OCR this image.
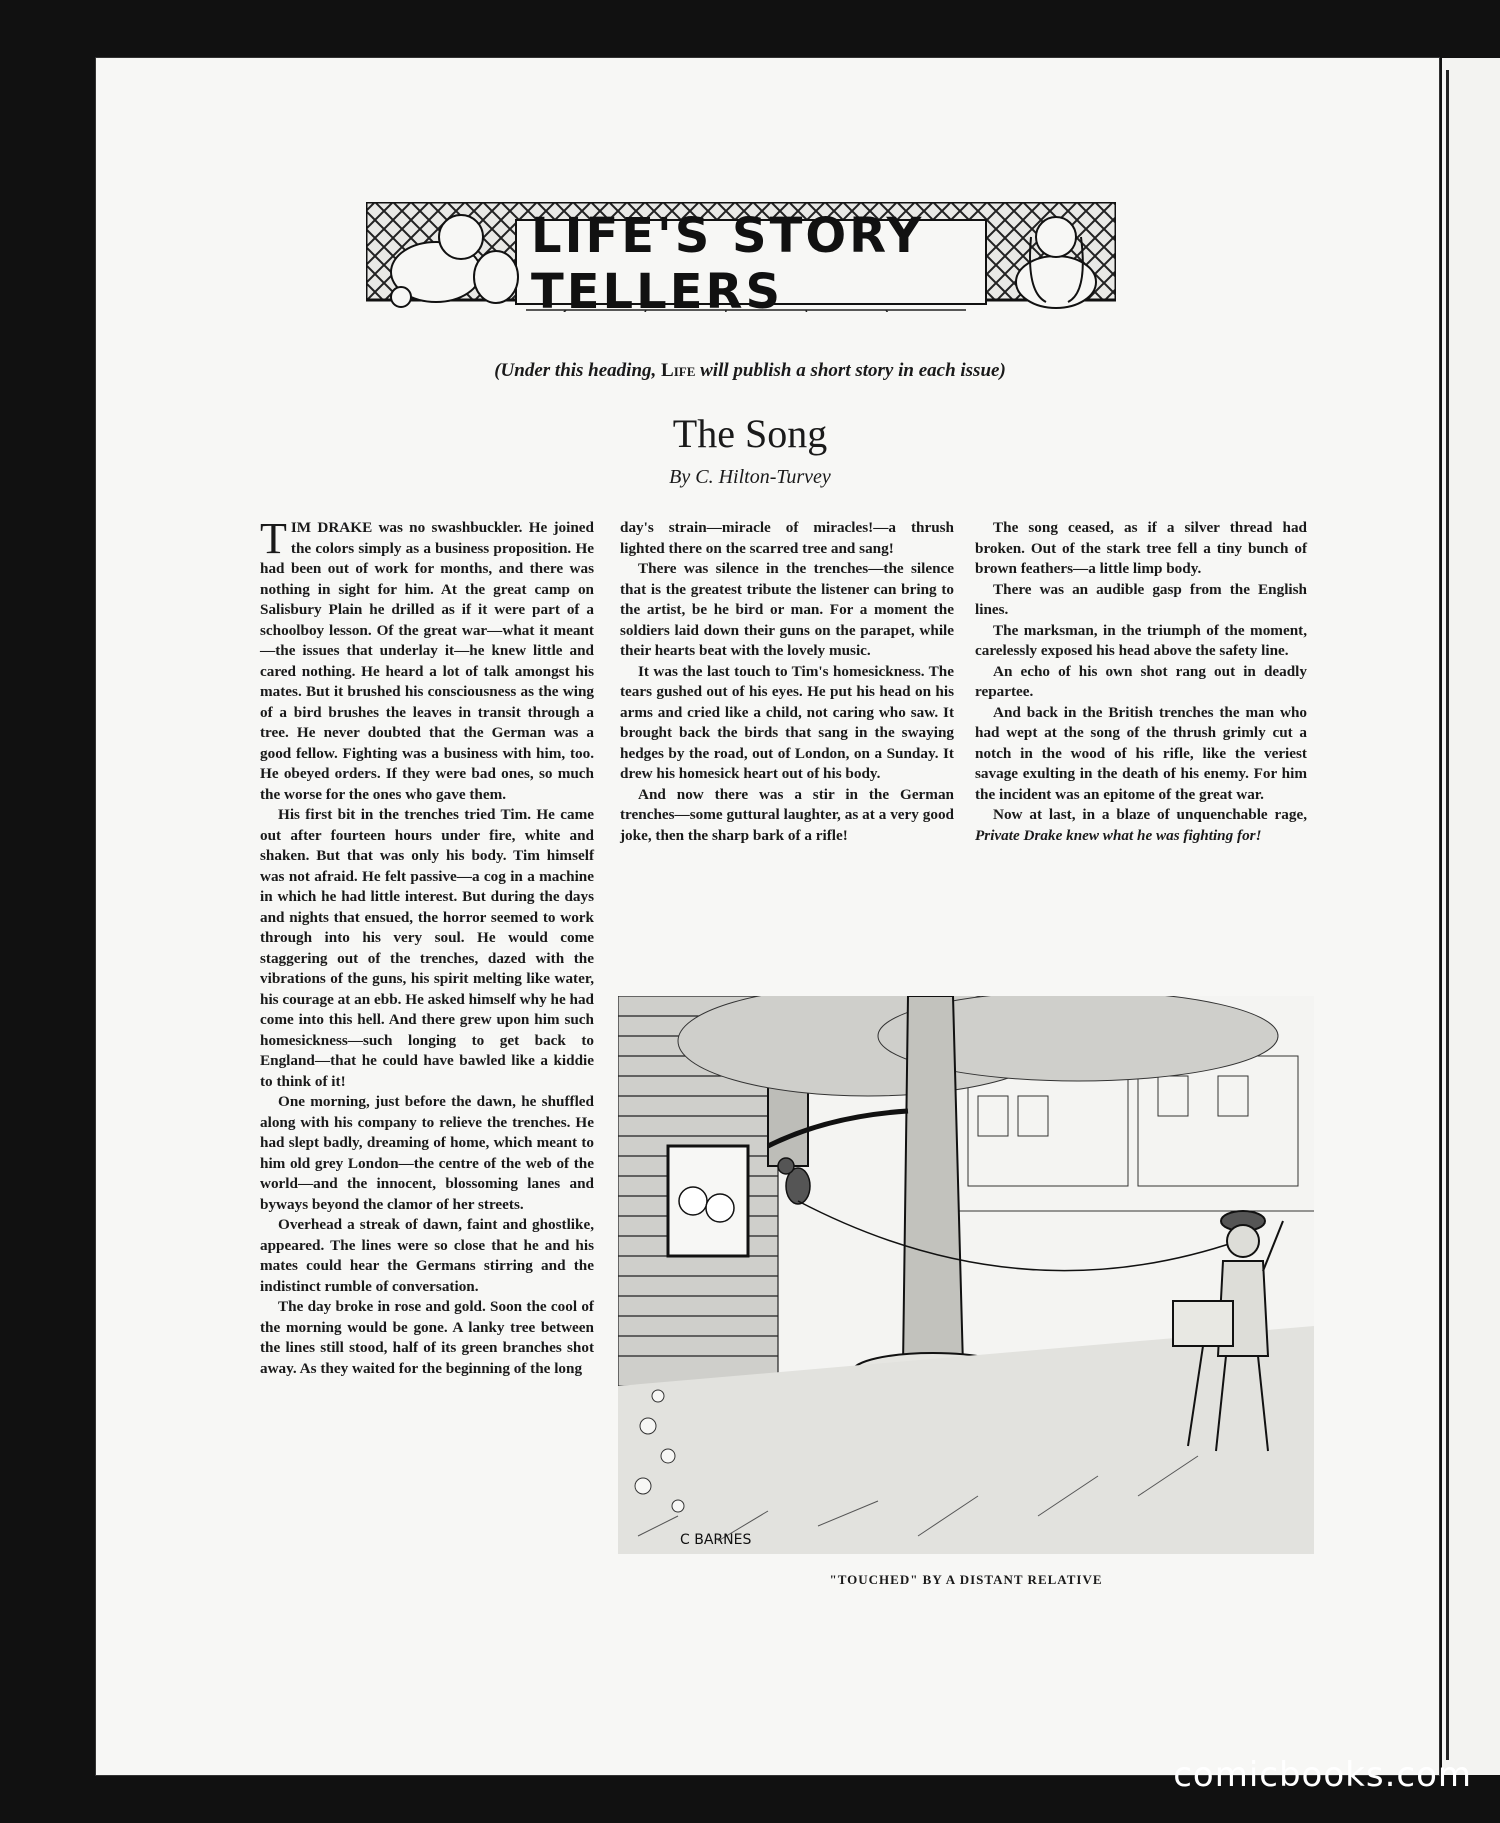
LIFE'S STORY TELLERS
(Under this heading, Life will publish a short story in each issue)
The Song
By C. Hilton-Turvey

TIM DRAKE was no swashbuckler. He joined the colors simply as a business proposition. He had been out of work for months, and there was nothing in sight for him. At the great camp on Salisbury Plain he drilled as if it were part of a schoolboy lesson. Of the great war—what it meant—the issues that underlay it—he knew little and cared nothing. He heard a lot of talk amongst his mates. But it brushed his consciousness as the wing of a bird brushes the leaves in transit through a tree. He never doubted that the German was a good fellow. Fighting was a business with him, too. He obeyed orders. If they were bad ones, so much the worse for the ones who gave them.

His first bit in the trenches tried Tim. He came out after fourteen hours under fire, white and shaken. But that was only his body. Tim himself was not afraid. He felt passive—a cog in a machine in which he had little interest. But during the days and nights that ensued, the horror seemed to work through into his very soul. He would come staggering out of the trenches, dazed with the vibrations of the guns, his spirit melting like water, his courage at an ebb. He asked himself why he had come into this hell. And there grew upon him such homesickness—such longing to get back to England—that he could have bawled like a kiddie to think of it!

One morning, just before the dawn, he shuffled along with his company to relieve the trenches. He had slept badly, dreaming of home, which meant to him old grey London—the centre of the web of the world—and the innocent, blossoming lanes and byways beyond the clamor of her streets.

Overhead a streak of dawn, faint and ghostlike, appeared. The lines were so close that he and his mates could hear the Germans stirring and the indistinct rumble of conversation.

The day broke in rose and gold. Soon the cool of the morning would be gone. A lanky tree between the lines still stood, half of its green branches shot away. As they waited for the beginning of the long

day's strain—miracle of miracles!—a thrush lighted there on the scarred tree and sang!

There was silence in the trenches—the silence that is the greatest tribute the listener can bring to the artist, be he bird or man. For a moment the soldiers laid down their guns on the parapet, while their hearts beat with the lovely music.

It was the last touch to Tim's homesickness. The tears gushed out of his eyes. He put his head on his arms and cried like a child, not caring who saw. It brought back the birds that sang in the swaying hedges by the road, out of London, on a Sunday. It drew his homesick heart out of his body.

And now there was a stir in the German trenches—some guttural laughter, as at a very good joke, then the sharp bark of a rifle!

The song ceased, as if a silver thread had broken. Out of the stark tree fell a tiny bunch of brown feathers—a little limp body.

There was an audible gasp from the English lines.

The marksman, in the triumph of the moment, carelessly exposed his head above the safety line.

An echo of his own shot rang out in deadly repartee.

And back in the British trenches the man who had wept at the song of the thrush grimly cut a notch in the wood of his rifle, like the veriest savage exulting in the death of his enemy. For him the incident was an epitome of the great war.

Now at last, in a blaze of unquenchable rage, Private Drake knew what he was fighting for!

C BARNES
"TOUCHED" BY A DISTANT RELATIVE
comicbooks.com
